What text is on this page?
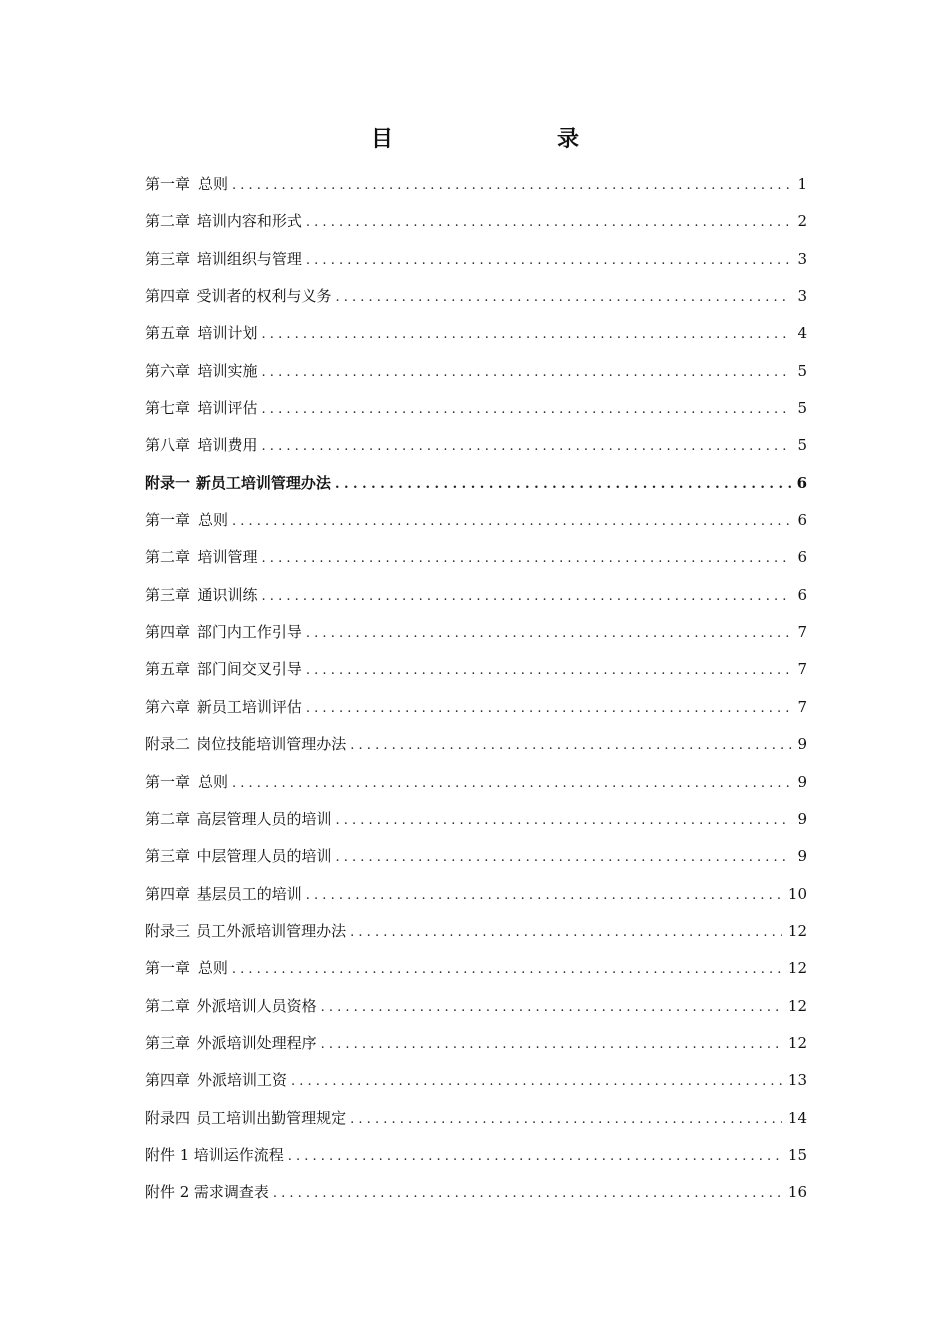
目　　录
第一章 总则 . . .	1
第二章 培训内容和形式 . . .	2
第三章 培训组织与管理 . . .	3
第四章 受训者的权利与义务 . . .	3
第五章 培训计划 . . .	4
第六章 培训实施 . . .	5
第七章 培训评估 . . .	5
第八章 培训费用 . . .	5
附录一 新员工培训管理办法 . . .	6
第一章 总则 . . .	6
第二章 培训管理 . . .	6
第三章 通识训练 . . .	6
第四章 部门内工作引导 . . .	7
第五章 部门间交叉引导 . . .	7
第六章 新员工培训评估 . . .	7
附录二 岗位技能培训管理办法 . . .	9
第一章 总则 . . .	9
第二章 高层管理人员的培训 . . .	9
第三章 中层管理人员的培训 . . .	9
第四章 基层员工的培训 . . .	10
附录三 员工外派培训管理办法 . . .	12
第一章 总则 . . .	12
第二章 外派培训人员资格 . . .	12
第三章 外派培训处理程序 . . .	12
第四章 外派培训工资 . . .	13
附录四 员工培训出勤管理规定 . . .	14
附件 1 培训运作流程 . . .	15
附件 2 需求调查表 . . .	16
